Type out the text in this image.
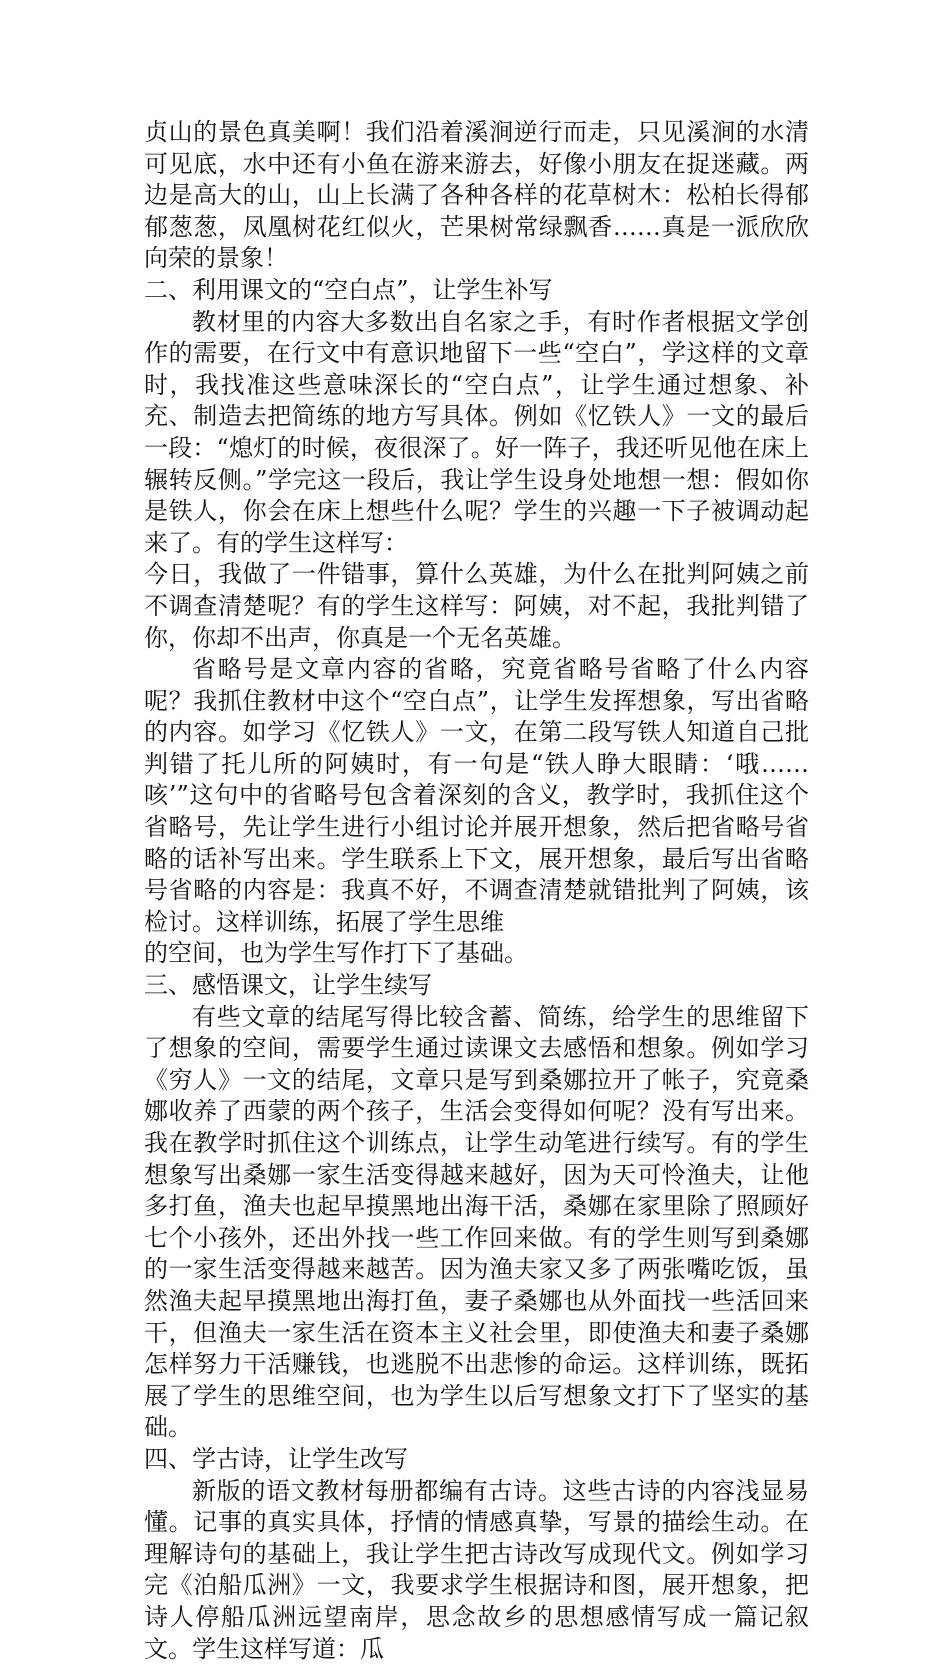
贞山的景色真美啊！我们沿着溪涧逆行而走，只见溪涧的水清可见底，水中还有小鱼在游来游去，好像小朋友在捉迷藏。两边是高大的山，山上长满了各种各样的花草树木：松柏长得郁郁葱葱，凤凰树花红似火，芒果树常绿飘香……真是一派欣欣向荣的景象！

二、利用课文的“空白点”，让学生补写

教材里的内容大多数出自名家之手，有时作者根据文学创作的需要，在行文中有意识地留下一些“空白”，学这样的文章时，我找准这些意味深长的“空白点”，让学生通过想象、补充、制造去把简练的地方写具体。例如《忆铁人》一文的最后一段：“熄灯的时候，夜很深了。好一阵子，我还听见他在床上辗转反侧。”学完这一段后，我让学生设身处地想一想：假如你是铁人，你会在床上想些什么呢？学生的兴趣一下子被调动起来了。有的学生这样写：

今日，我做了一件错事，算什么英雄，为什么在批判阿姨之前不调查清楚呢？有的学生这样写：阿姨，对不起，我批判错了你，你却不出声，你真是一个无名英雄。

省略号是文章内容的省略，究竟省略号省略了什么内容呢？我抓住教材中这个“空白点”，让学生发挥想象，写出省略的内容。如学习《忆铁人》一文，在第二段写铁人知道自己批判错了托儿所的阿姨时，有一句是“铁人睁大眼睛：‘哦……咳’”这句中的省略号包含着深刻的含义，教学时，我抓住这个省略号，先让学生进行小组讨论并展开想象，然后把省略号省略的话补写出来。学生联系上下文，展开想象，最后写出省略号省略的内容是：我真不好，不调查清楚就错批判了阿姨，该检讨。这样训练，拓展了学生思维

的空间，也为学生写作打下了基础。

三、感悟课文，让学生续写

有些文章的结尾写得比较含蓄、简练，给学生的思维留下了想象的空间，需要学生通过读课文去感悟和想象。例如学习《穷人》一文的结尾，文章只是写到桑娜拉开了帐子，究竟桑娜收养了西蒙的两个孩子，生活会变得如何呢？没有写出来。我在教学时抓住这个训练点，让学生动笔进行续写。有的学生想象写出桑娜一家生活变得越来越好，因为天可怜渔夫，让他多打鱼，渔夫也起早摸黑地出海干活，桑娜在家里除了照顾好七个小孩外，还出外找一些工作回来做。有的学生则写到桑娜的一家生活变得越来越苦。因为渔夫家又多了两张嘴吃饭，虽然渔夫起早摸黑地出海打鱼，妻子桑娜也从外面找一些活回来干，但渔夫一家生活在资本主义社会里，即使渔夫和妻子桑娜怎样努力干活赚钱，也逃脱不出悲惨的命运。这样训练，既拓展了学生的思维空间，也为学生以后写想象文打下了坚实的基础。

四、学古诗，让学生改写

新版的语文教材每册都编有古诗。这些古诗的内容浅显易懂。记事的真实具体，抒情的情感真挚，写景的描绘生动。在理解诗句的基础上，我让学生把古诗改写成现代文。例如学习完《泊船瓜洲》一文，我要求学生根据诗和图，展开想象，把诗人停船瓜洲远望南岸，思念故乡的思想感情写成一篇记叙文。学生这样写道：瓜
